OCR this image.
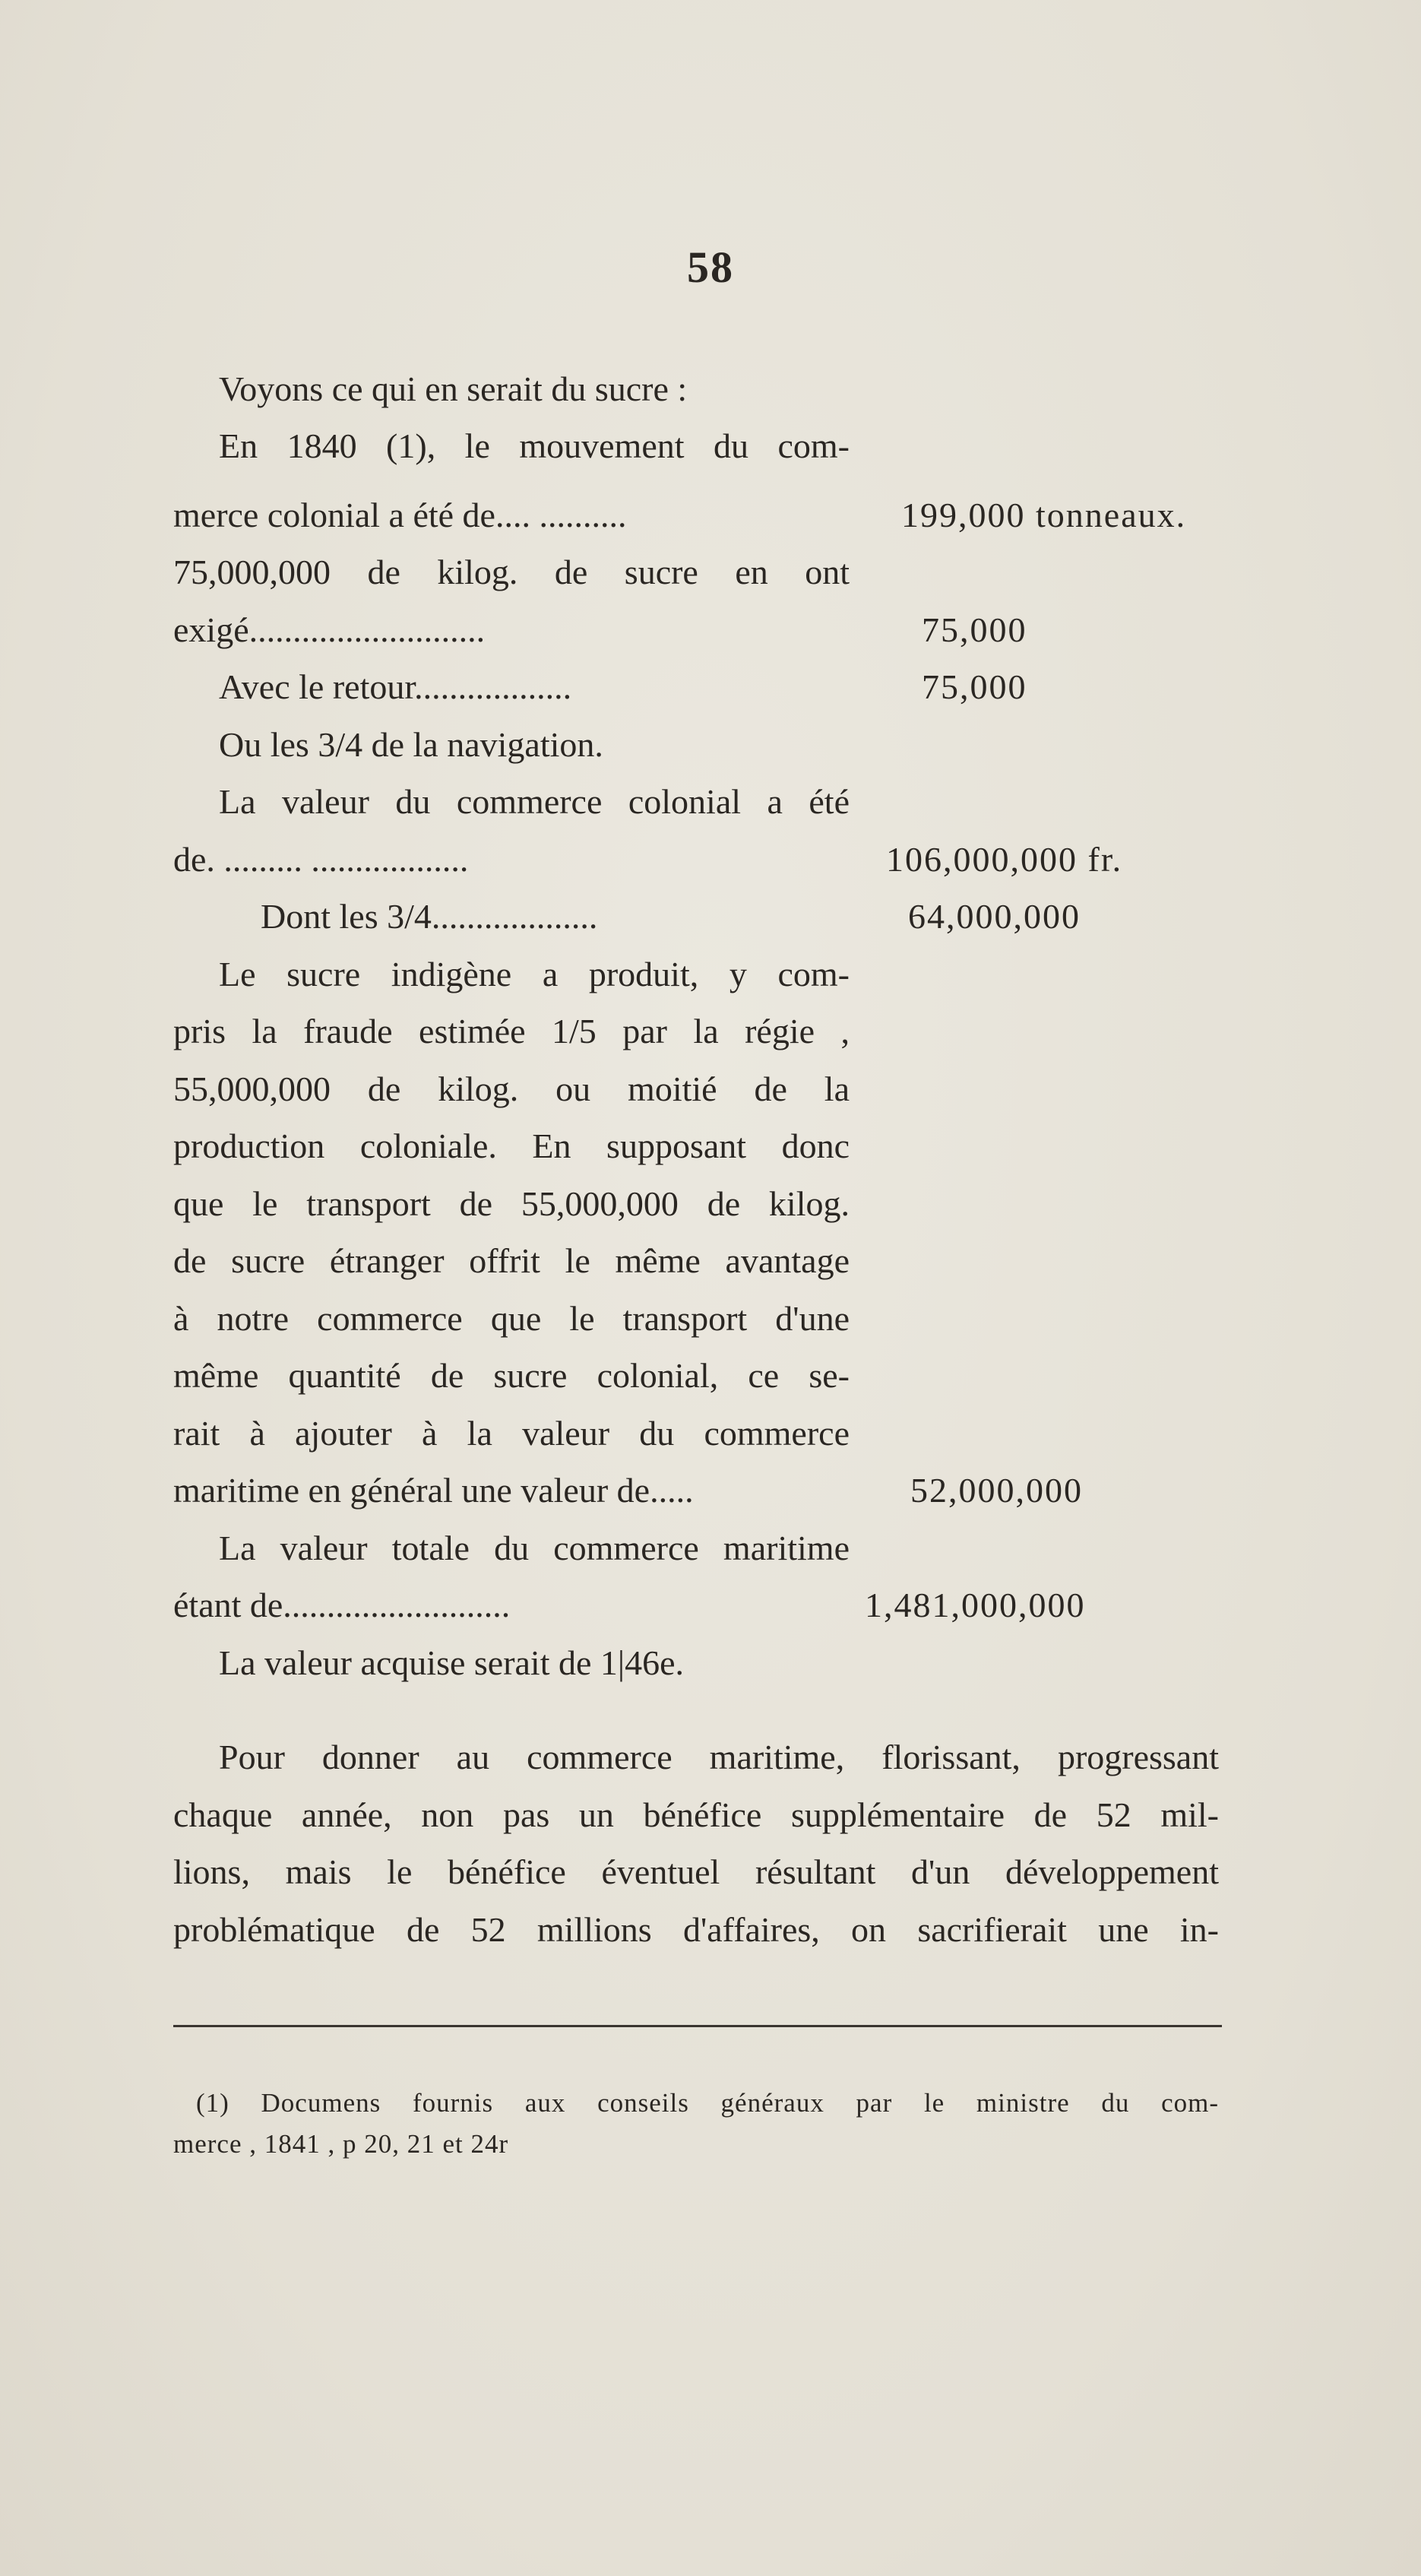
58
Voyons ce qui en serait du sucre :
En 1840 (1), le mouvement du com-
merce colonial a été de.... ..........	199,000 tonneaux.
75,000,000 de kilog. de sucre en ont
exigé...........................	75,000
Avec le retour..................	75,000
Ou les 3/4 de la navigation.
La valeur du commerce colonial a été
de. ......... ..................	106,000,000 fr.
Dont les 3/4...................	64,000,000
Le sucre indigène a produit, y com-
pris la fraude estimée 1/5 par la régie ,
55,000,000 de kilog. ou moitié de la
production coloniale. En supposant donc
que le transport de 55,000,000 de kilog.
de sucre étranger offrit le même avantage
à notre commerce que le transport d'une
même quantité de sucre colonial, ce se-
rait à ajouter à la valeur du commerce
maritime en général une valeur de.....	52,000,000
La valeur totale du commerce maritime
étant de..........................	1,481,000,000
La valeur acquise serait de 1|46e.
Pour donner au commerce maritime, florissant, progressant
chaque année, non pas un bénéfice supplémentaire de 52 mil-
lions, mais le bénéfice éventuel résultant d'un développement
problématique de 52 millions d'affaires, on sacrifierait une in-
(1) Documens fournis aux conseils généraux par le ministre du com-
merce , 1841 , p 20, 21 et 24r
